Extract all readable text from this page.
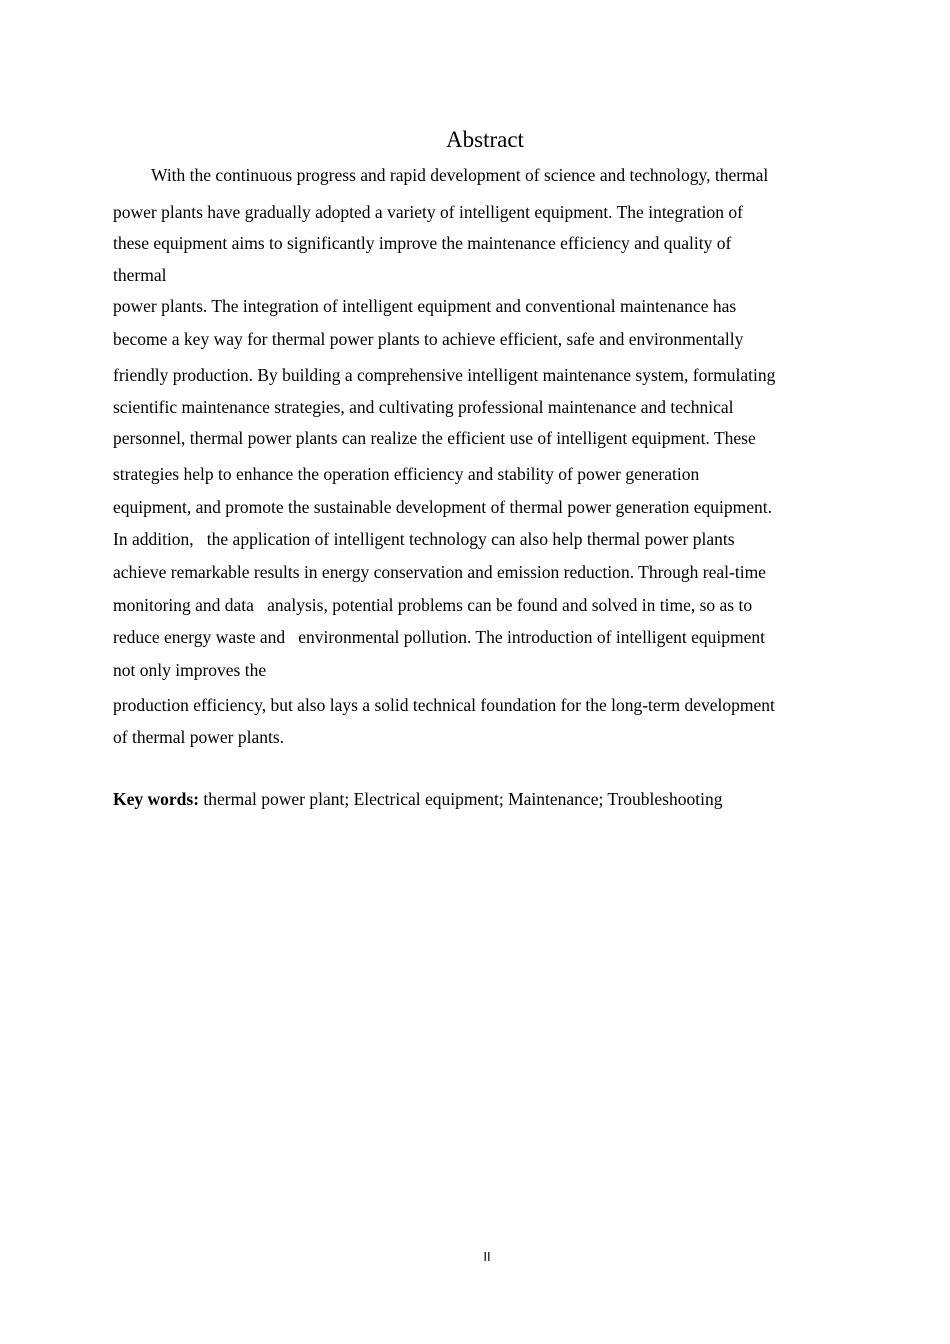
Abstract
With the continuous progress and rapid development of science and technology, thermal
power plants have gradually adopted a variety of intelligent equipment. The integration of
these equipment aims to significantly improve the maintenance efficiency and quality of
thermal
power plants. The integration of intelligent equipment and conventional maintenance has
become a key way for thermal power plants to achieve efficient, safe and environmentally
friendly production. By building a comprehensive intelligent maintenance system, formulating
scientific maintenance strategies, and cultivating professional maintenance and technical
personnel, thermal power plants can realize the efficient use of intelligent equipment. These
strategies help to enhance the operation efficiency and stability of power generation
equipment, and promote the sustainable development of thermal power generation equipment.
In addition,   the application of intelligent technology can also help thermal power plants
achieve remarkable results in energy conservation and emission reduction. Through real-time
monitoring and data   analysis, potential problems can be found and solved in time, so as to
reduce energy waste and   environmental pollution. The introduction of intelligent equipment
not only improves the
production efficiency, but also lays a solid technical foundation for the long-term development
of thermal power plants.
Key words: thermal power plant; Electrical equipment; Maintenance; Troubleshooting
II
